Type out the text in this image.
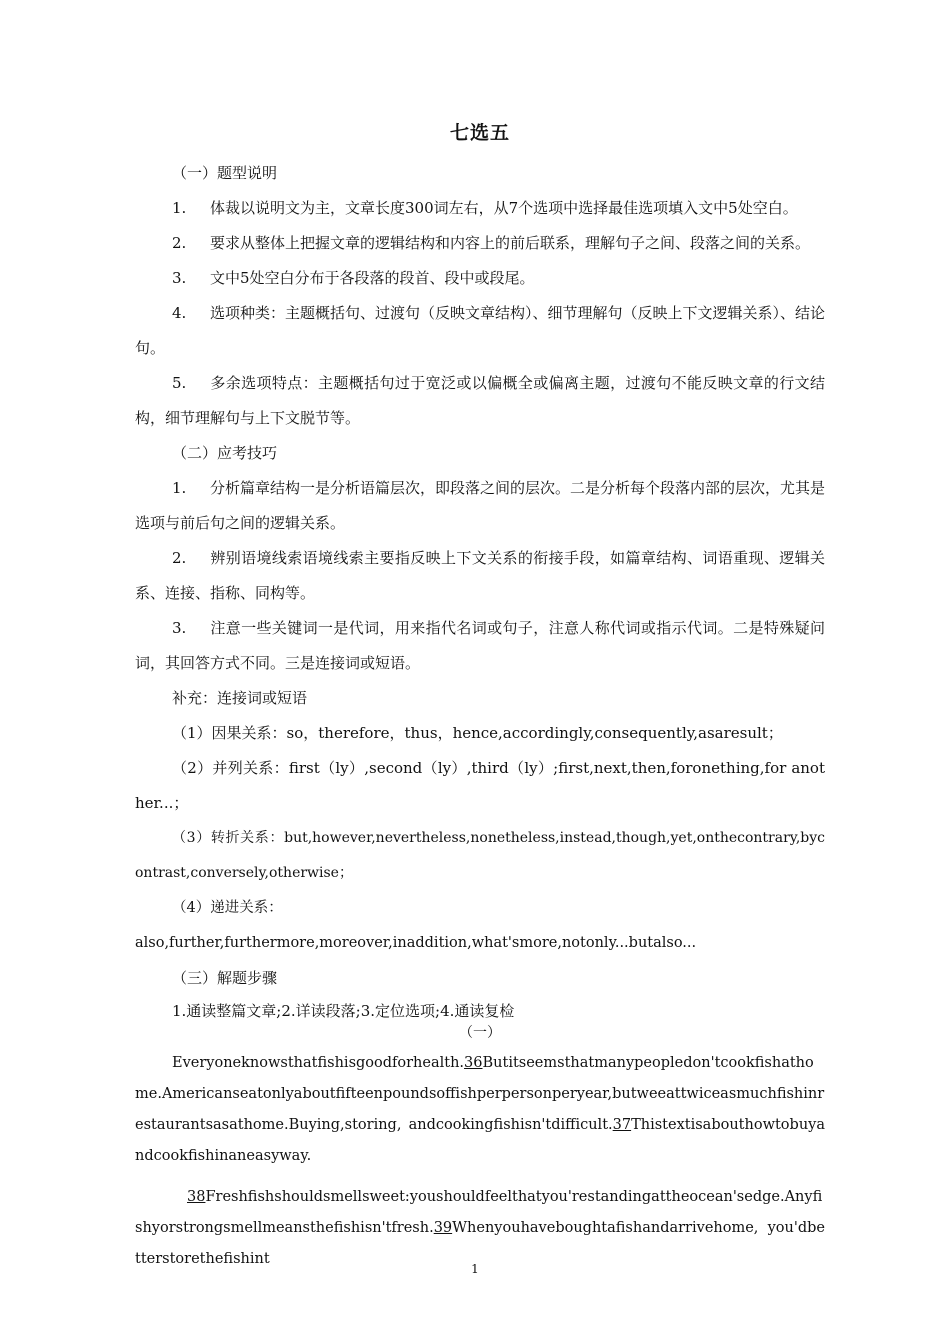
七选五

（一）题型说明

1. 体裁以说明文为主，文章长度300词左右，从7个选项中选择最佳选项填入文中5处空白。

2. 要求从整体上把握文章的逻辑结构和内容上的前后联系，理解句子之间、段落之间的关系。

3. 文中5处空白分布于各段落的段首、段中或段尾。

4. 选项种类：主题概括句、过渡句（反映文章结构）、细节理解句（反映上下文逻辑关系）、结论句。

5. 多余选项特点：主题概括句过于宽泛或以偏概全或偏离主题，过渡句不能反映文章的行文结构，细节理解句与上下文脱节等。

（二）应考技巧

1. 分析篇章结构一是分析语篇层次，即段落之间的层次。二是分析每个段落内部的层次，尤其是选项与前后句之间的逻辑关系。

2. 辨别语境线索语境线索主要指反映上下文关系的衔接手段，如篇章结构、词语重现、逻辑关系、连接、指称、同构等。

3. 注意一些关键词一是代词，用来指代名词或句子，注意人称代词或指示代词。二是特殊疑问词，其回答方式不同。三是连接词或短语。

补充：连接词或短语

（1）因果关系：so，therefore，thus，hence,accordingly,consequently,asaresult；

（2）并列关系：first（ly）,second（ly）,third（ly）;first,next,then,foronething,for another...；

（3）转折关系：but,however,nevertheless,nonetheless,instead,though,yet,onthecontrary,bycontrast,conversely,otherwise；

（4）递进关系：also,further,furthermore,moreover,inaddition,what'smore,notonly...butalso...

（三）解题步骤

1.通读整篇文章;2.详读段落;3.定位选项;4.通读复检

（一）

Everyoneknowsthatfishisgoodforhealth.36Butitseemsthatmanypeopledon'tcookfishathome.Americanseatonlyaboutfifteenpoundsoffishperpersonperyear,butweeattwiceasmuchfishinrestaurantsasathome.Buying,storing, andcookingfishisn'tdifficult.37Thistextisabouthowtobuyandcookfishinaneasyway.

38Freshfishshouldsmellsweet:youshouldfeelthatyou'restandingattheocean'sedge.Anyfishyorstrongsmellmeansthefishisn'tfresh.39Whenyouhaveboughtafishandarrivehome, you'dbetterstorethefishint

1
